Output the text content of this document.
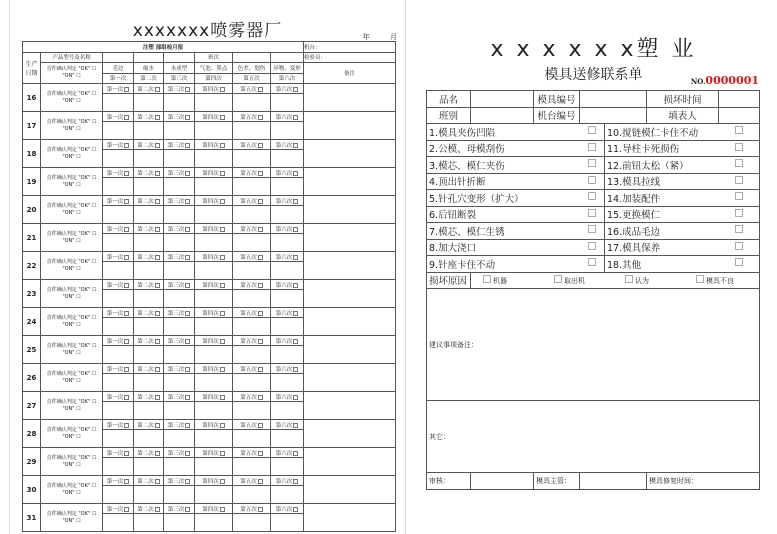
xxxxxxx喷雾器厂	年 月
注塑 部组检月报								机台：
生产日期	产品型号及名称				班次			检验员：
	首件确认判定 "OK" ☐ "ON" ☐	毛边	缩水	未成型	气泡、黑点	色差、划伤	异物、变形	备注
		第一次	第二次	第三次	第四次	第五次	第六次	
16	首件确认判定 "OK" ☐ "ON" ☐	第一次	第二次	第三次	第四次	第五次	第六次	

17	首件确认判定 "OK" ☐ "ON" ☐	第一次	第二次	第三次	第四次	第五次	第六次	

18	首件确认判定 "OK" ☐ "ON" ☐	第一次	第二次	第三次	第四次	第五次	第六次	

19	首件确认判定 "OK" ☐ "ON" ☐	第一次	第二次	第三次	第四次	第五次	第六次	

20	首件确认判定 "OK" ☐ "ON" ☐	第一次	第二次	第三次	第四次	第五次	第六次	

21	首件确认判定 "OK" ☐ "ON" ☐	第一次	第二次	第三次	第四次	第五次	第六次	

22	首件确认判定 "OK" ☐ "ON" ☐	第一次	第二次	第三次	第四次	第五次	第六次	

23	首件确认判定 "OK" ☐ "ON" ☐	第一次	第二次	第三次	第四次	第五次	第六次	

24	首件确认判定 "OK" ☐ "ON" ☐	第一次	第二次	第三次	第四次	第五次	第六次	

25	首件确认判定 "OK" ☐ "ON" ☐	第一次	第二次	第三次	第四次	第五次	第六次	

26	首件确认判定 "OK" ☐ "ON" ☐	第一次	第二次	第三次	第四次	第五次	第六次	

27	首件确认判定 "OK" ☐ "ON" ☐	第一次	第二次	第三次	第四次	第五次	第六次	

28	首件确认判定 "OK" ☐ "ON" ☐	第一次	第二次	第三次	第四次	第五次	第六次	

29	首件确认判定 "OK" ☐ "ON" ☐	第一次	第二次	第三次	第四次	第五次	第六次	

30	首件确认判定 "OK" ☐ "ON" ☐	第一次	第二次	第三次	第四次	第五次	第六次	

31	首件确认判定 "OK" ☐ "ON" ☐	第一次	第二次	第三次	第四次	第五次	第六次	

x x x x x x塑 业
模具送修联系单	NO.0000001
品名		模具编号			损坏时间	
班别		机台编号			填表人	
1.模具夹伤凹陷				10.搅链模仁卡住不动		
2.公模、母模刮伤				11.导柱卡死损伤		
3.模芯、模仁夹伤				12.前钮太松（紧）		
4.顶出针折断				13.模具拉线		
5.针孔穴变形（扩大）				14.加装配件		
6.后钮断裂				15.更换模仁		
7.模芯、模仁生锈				16.成品毛边		
8.加大浇口				17.模具保养		
9.针座卡住不动				18.其他		
损坏原因	机器 取出机 认为 模具不良					
建议事项备注：						
其它：						
审核：		模具主管：			模具修复时间：	
